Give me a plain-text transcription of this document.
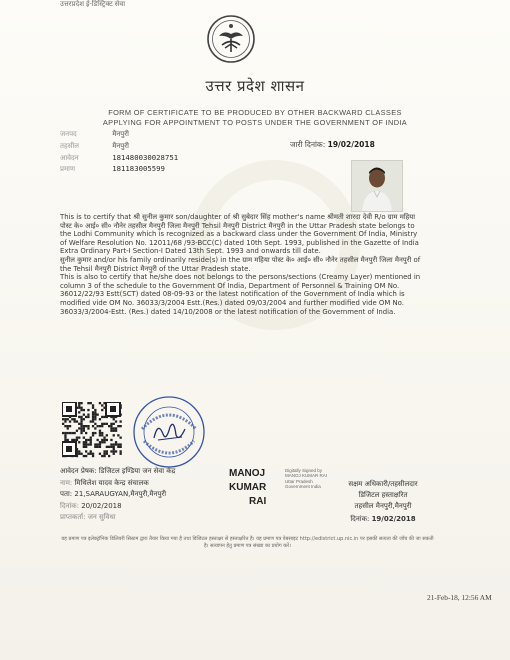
उत्तरप्रदेश ई-डिस्ट्रिक्ट सेवा
उत्तर प्रदेश शासन
FORM OF CERTIFICATE TO BE PRODUCED BY OTHER BACKWARD CLASSES
APPLYING FOR APPOINTMENT TO POSTS UNDER THE GOVERNMENT OF INDIA
जनपद	मैनपुरी
तहसील	मैनपुरी
आवेदन	181480030028751
प्रमाण	181183005599
जारी दिनांक: 19/02/2018

This is to certify that श्री सुनील कुमार son/daughter of श्री सुबेदार सिंह mother's name श्रीमती शारदा देवी R/o ग्राम महिया पोस्ट के० आई० सी० नौनेर तहसील मैनपुरी जिला मैनपुरी Tehsil मैनपुरी District मैनपुरी in the Uttar Pradesh state belongs to the Lodhi Community which is recognized as a backward class under the Government Of India, Ministry of Welfare Resolution No. 12011/68 /93-BCC(C) dated 10th Sept. 1993, published in the Gazette of India Extra Ordinary Part-I Section-I Dated 13th Sept. 1993 and onwards till date.

सुनील कुमार and/or his family ordinarily reside(s) in the ग्राम महिया पोस्ट के० आई० सी० नौनेर तहसील मैनपुरी जिला मैनपुरी of the Tehsil मैनपुरी District मैनपुरी of the Uttar Pradesh state.

This is also to certify that he/she does not belongs to the persons/sections (Creamy Layer) mentioned in column 3 of the schedule to the Government Of India, Department of Personnel & Training OM No. 36012/22/93 Estt(SCT) dated 08-09-93 or the latest notification of the Government of India which is modified vide OM No. 36033/3/2004 Estt.(Res.) dated 09/03/2004 and further modified vide OM No. 36033/3/2004-Estt. (Res.) dated 14/10/2008 or the latest notification of the Government of India.

आवेदन प्रेषक: डिजिटल इण्डिया जन सेवा केंद्र
नाम: मिथिलेश यादव केन्द्र संचालक
पता: 21,SARAUGYAN,मैनपुरी,मैनपुरी
दिनांक: 20/02/2018
प्राप्तकर्ता: जन सुविधा
MANOJ
KUMAR
RAI
Digitally Signed by MANOJ KUMAR RAI Uttar Pradesh Government India	सक्षम अधिकारी/तहसीलदार
डिजिटल हस्ताक्षरित
तहसील मैनपुरी,मैनपुरी
दिनांक: 19/02/2018
यह प्रमाण पत्र इलेक्ट्रॉनिक डिलिवरी सिस्टम द्वारा तैयार किया गया है तथा डिजिटल हस्ताक्षर से हस्ताक्षरित है। यह प्रमाण पत्र वेबसाइट http://edistrict.up.nic.in पर इसकी सत्यता की जाँच की जा सकती है। सत्यापन हेतु प्रमाण पत्र संख्या का प्रयोग करें।
21-Feb-18, 12:56 AM
